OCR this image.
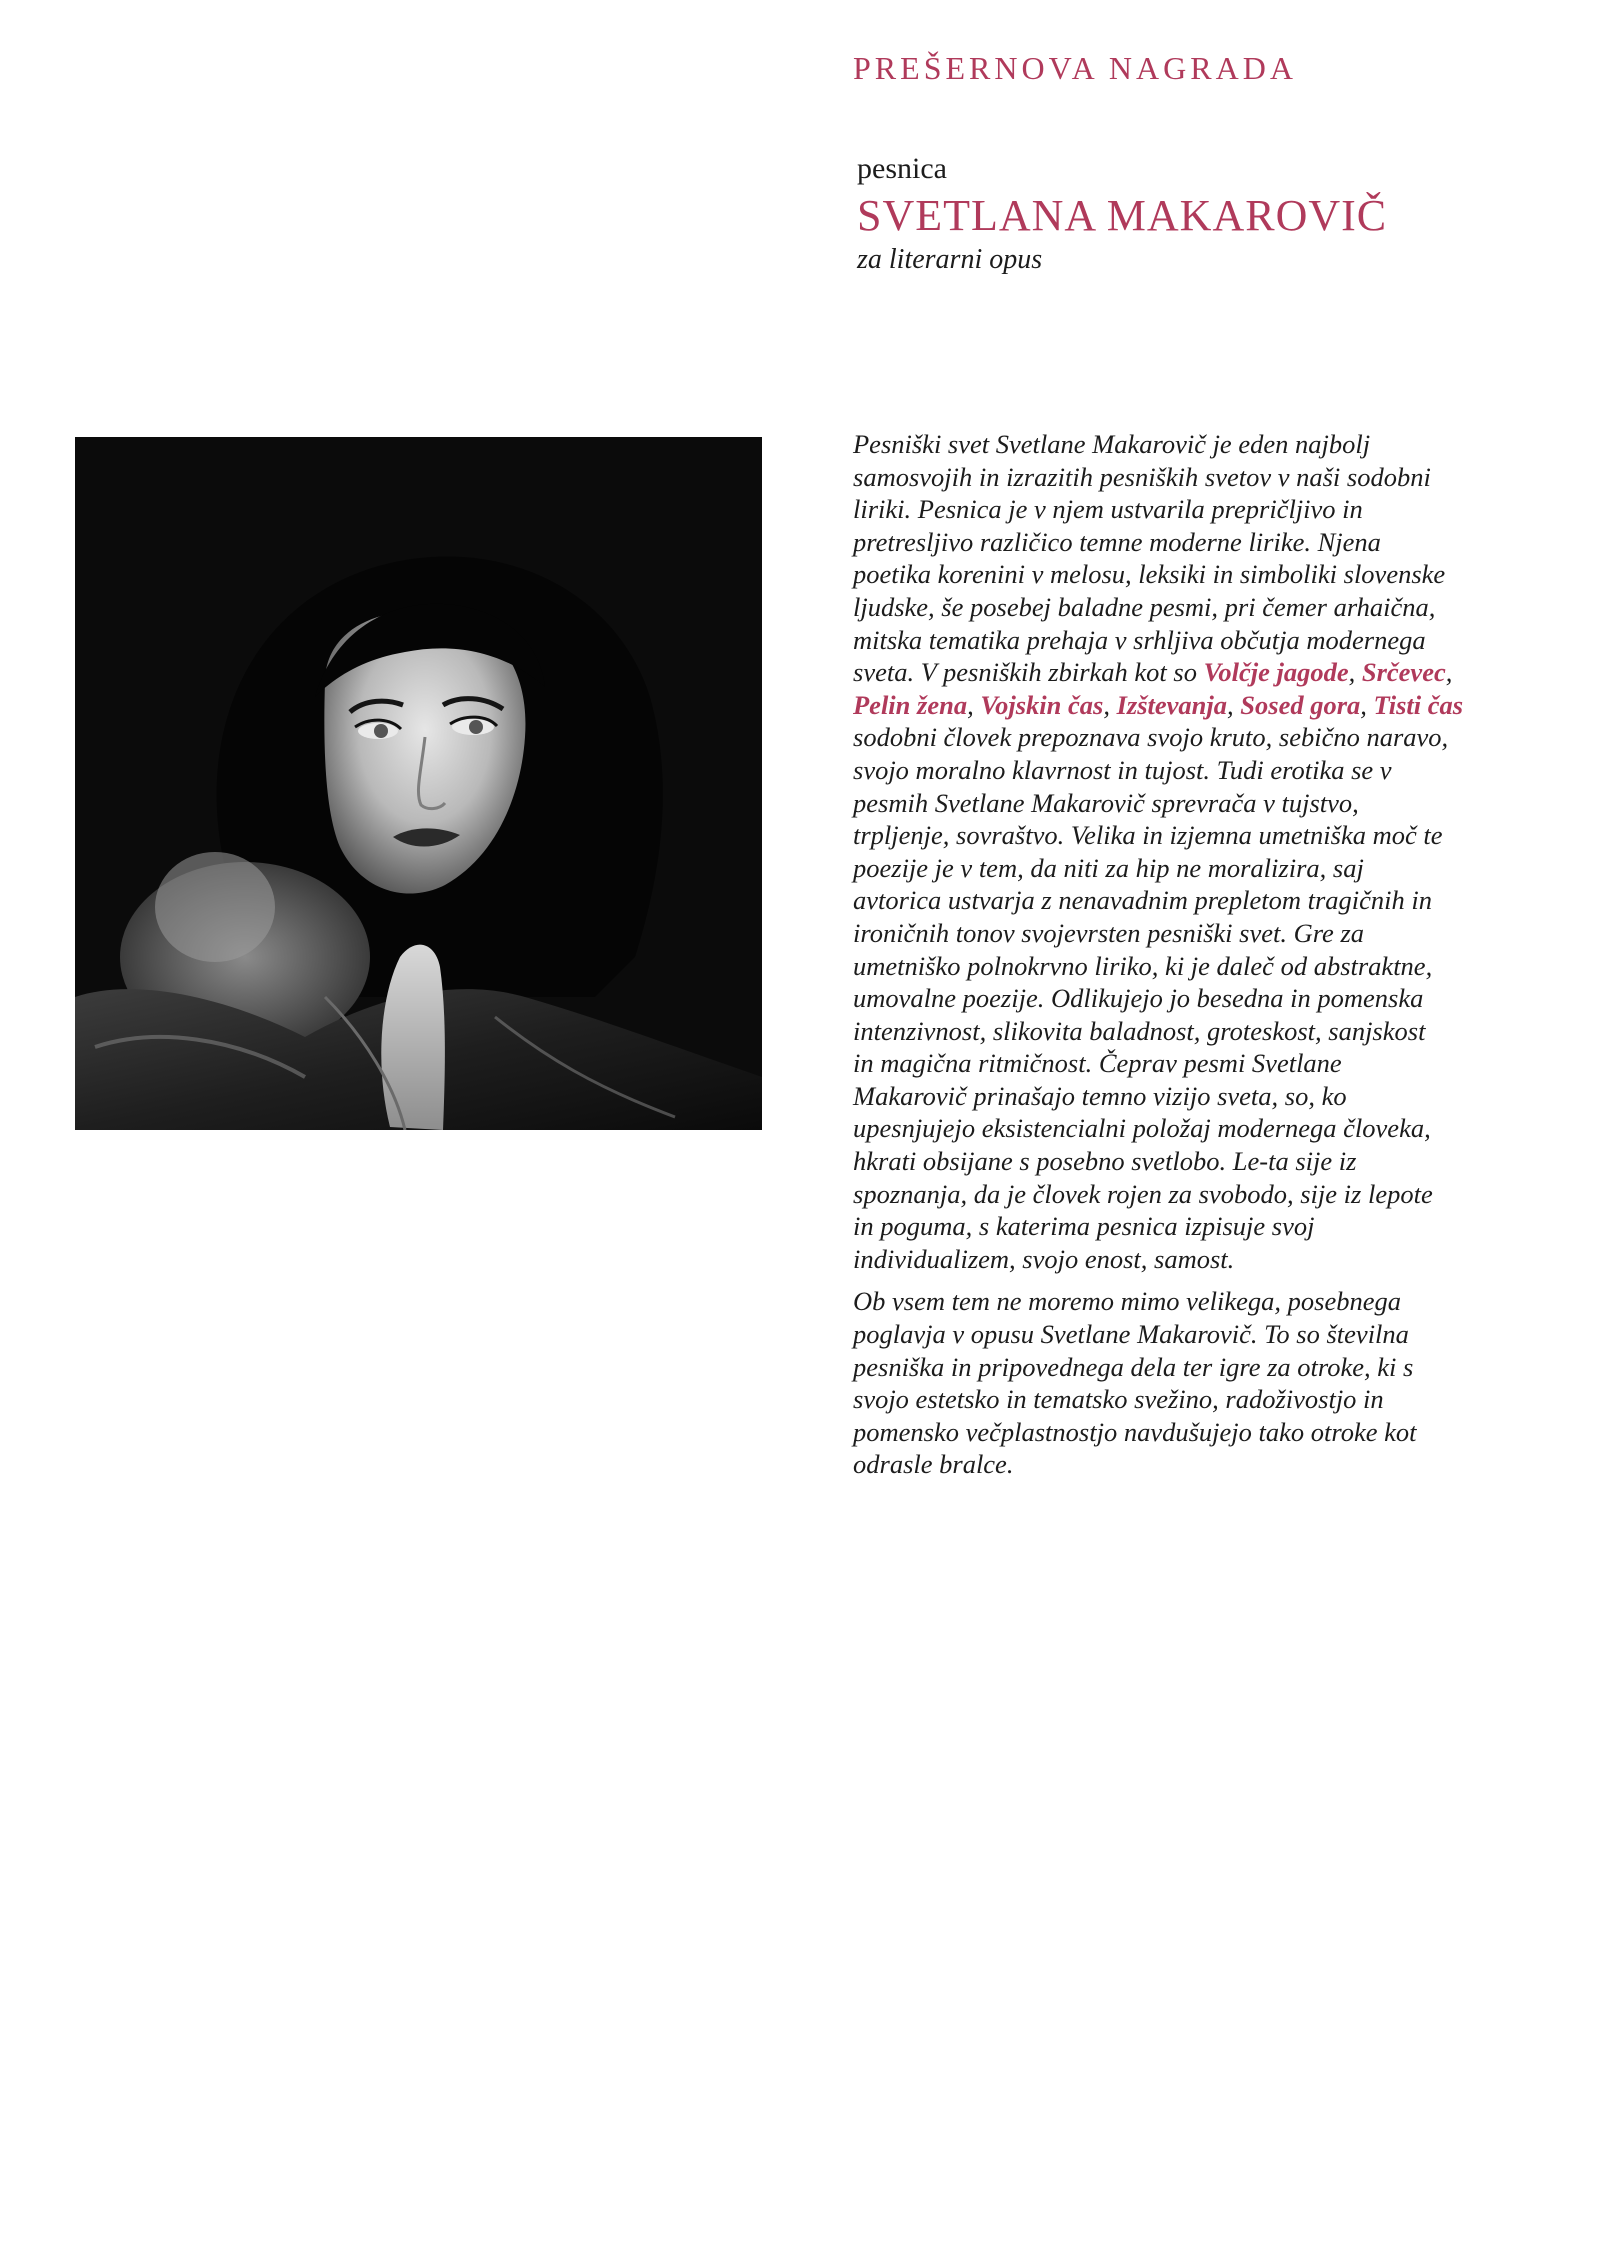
PREŠERNOVA NAGRADA
pesnica
SVETLANA MAKAROVIČ
za literarni opus

Pesniški svet Svetlane Makarovič je eden najbolj
samosvojih in izrazitih pesniških svetov v naši sodobni
liriki. Pesnica je v njem ustvarila prepričljivo in
pretresljivo različico temne moderne lirike. Njena
poetika korenini v melosu, leksiki in simboliki slovenske
ljudske, še posebej baladne pesmi, pri čemer arhaična,
mitska tematika prehaja v srhljiva občutja modernega
sveta. V pesniških zbirkah kot so Volčje jagode, Srčevec,
Pelin žena, Vojskin čas, Izštevanja, Sosed gora, Tisti čas
sodobni človek prepoznava svojo kruto, sebično naravo,
svojo moralno klavrnost in tujost. Tudi erotika se v
pesmih Svetlane Makarovič sprevrača v tujstvo,
trpljenje, sovraštvo. Velika in izjemna umetniška moč te
poezije je v tem, da niti za hip ne moralizira, saj
avtorica ustvarja z nenavadnim prepletom tragičnih in
ironičnih tonov svojevrsten pesniški svet. Gre za
umetniško polnokrvno liriko, ki je daleč od abstraktne,
umovalne poezije. Odlikujejo jo besedna in pomenska
intenzivnost, slikovita baladnost, groteskost, sanjskost
in magična ritmičnost. Čeprav pesmi Svetlane
Makarovič prinašajo temno vizijo sveta, so, ko
upesnjujejo eksistencialni položaj modernega človeka,
hkrati obsijane s posebno svetlobo. Le-ta sije iz
spoznanja, da je človek rojen za svobodo, sije iz lepote
in poguma, s katerima pesnica izpisuje svoj
individualizem, svojo enost, samost.

Ob vsem tem ne moremo mimo velikega, posebnega
poglavja v opusu Svetlane Makarovič. To so številna
pesniška in pripovednega dela ter igre za otroke, ki s
svojo estetsko in tematsko svežino, radoživostjo in
pomensko večplastnostjo navdušujejo tako otroke kot
odrasle bralce.
